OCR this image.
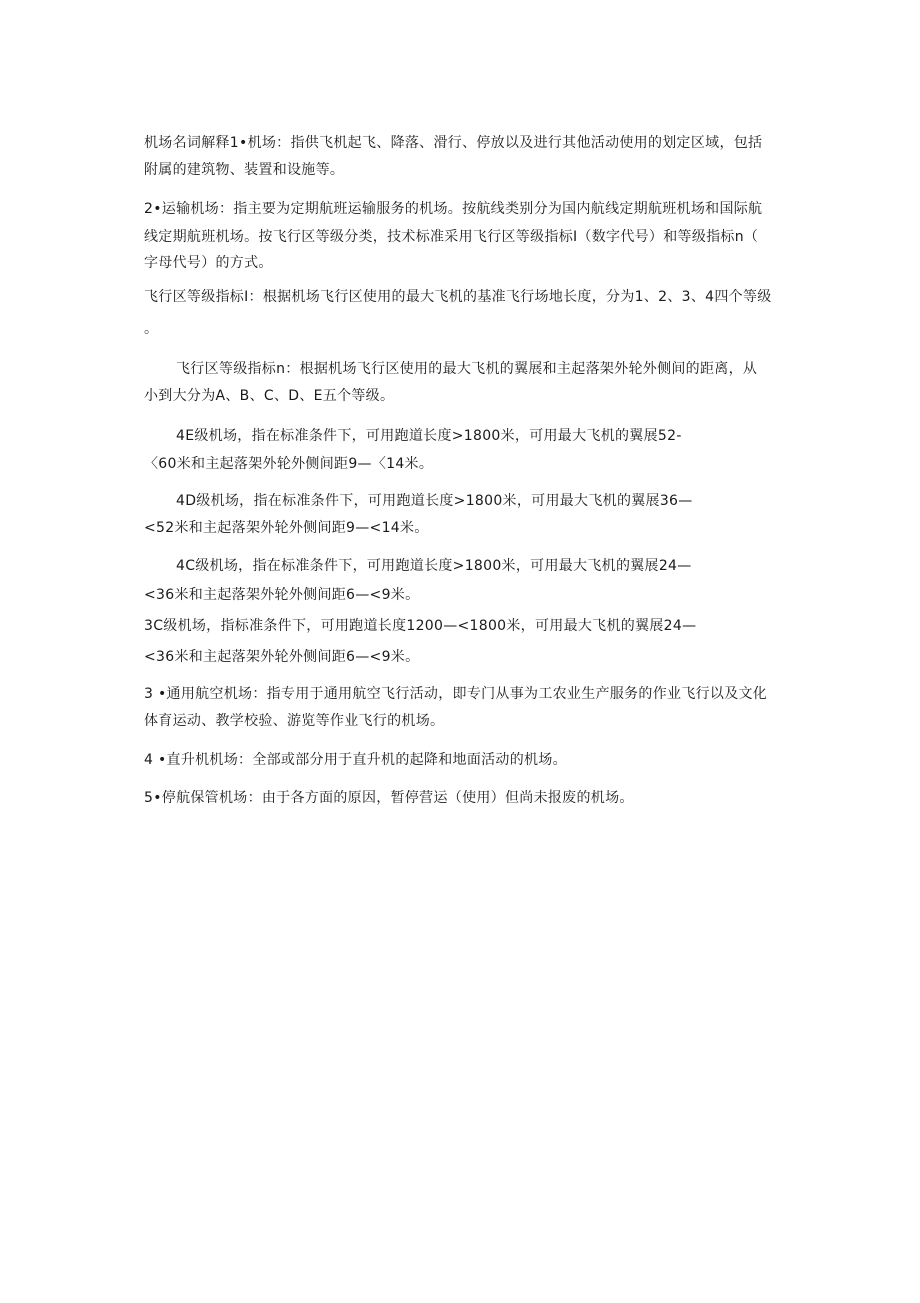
机场名词解释1•机场：指供飞机起飞、降落、滑行、停放以及进行其他活动使用的划定区域，包括
附属的建筑物、装置和设施等。
2•运输机场：指主要为定期航班运输服务的机场。按航线类别分为国内航线定期航班机场和国际航
线定期航班机场。按飞行区等级分类，技术标准采用飞行区等级指标Ⅰ（数字代号）和等级指标n（
字母代号）的方式。
飞行区等级指标Ⅰ：根据机场飞行区使用的最大飞机的基准飞行场地长度，分为1、2、3、4四个等级
。
飞行区等级指标n：根据机场飞行区使用的最大飞机的翼展和主起落架外轮外侧间的距离，从
小到大分为A、B、C、D、E五个等级。
4E级机场，指在标准条件下，可用跑道长度>1800米，可用最大飞机的翼展52-
〈60米和主起落架外轮外侧间距9—〈14米。
4D级机场，指在标准条件下，可用跑道长度>1800米，可用最大飞机的翼展36—
<52米和主起落架外轮外侧间距9—<14米。
4C级机场，指在标准条件下，可用跑道长度>1800米，可用最大飞机的翼展24—
<36米和主起落架外轮外侧间距6—<9米。
3C级机场，指标准条件下，可用跑道长度1200—<1800米，可用最大飞机的翼展24—
<36米和主起落架外轮外侧间距6—<9米。
3 •通用航空机场：指专用于通用航空飞行活动，即专门从事为工农业生产服务的作业飞行以及文化
体育运动、教学校验、游览等作业飞行的机场。
4 •直升机机场：全部或部分用于直升机的起降和地面活动的机场。
5•停航保管机场：由于各方面的原因，暂停营运（使用）但尚未报废的机场。
